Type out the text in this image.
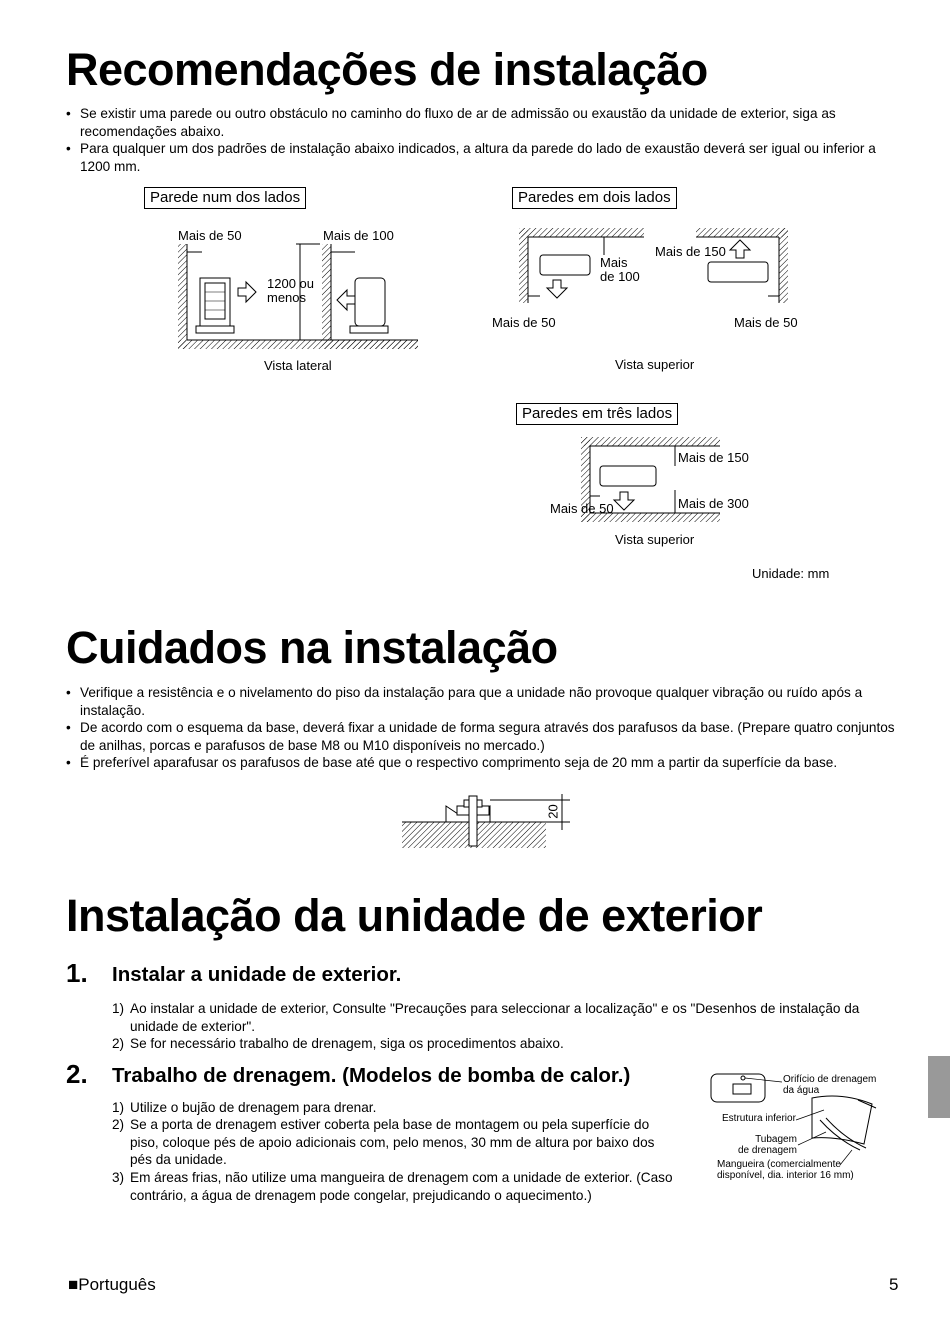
Recomendações de instalação
• Se existir uma parede ou outro obstáculo no caminho do fluxo de ar de admissão ou exaustão da unidade de exterior, siga as recomendações abaixo.
• Para qualquer um dos padrões de instalação abaixo indicados, a altura da parede do lado de exaustão deverá ser igual ou inferior a 1200 mm.
Parede num dos lados
Mais de 50	Mais de 100
1200 ou
menos
Vista lateral
Paredes em dois lados
Mais
de 100
Mais de 150
Mais de 50	Mais de 50
Vista superior
Paredes em três lados
Mais de 150
Mais de 300
Mais de 50
Vista superior
Unidade: mm
Cuidados na instalação
• Verifique a resistência e o nivelamento do piso da instalação para que a unidade não provoque qualquer vibração ou ruído após a instalação.
• De acordo com o esquema da base, deverá fixar a unidade de forma segura através dos parafusos da base. (Prepare quatro conjuntos de anilhas, porcas e parafusos de base M8 ou M10 disponíveis no mercado.)
• É preferível aparafusar os parafusos de base até que o respectivo comprimento seja de 20 mm a partir da superfície da base.
20
Instalação da unidade de exterior
1. Instalar a unidade de exterior.
1) Ao instalar a unidade de exterior, Consulte "Precauções para seleccionar a localização" e os "Desenhos de instalação da unidade de exterior".
2) Se for necessário trabalho de drenagem, siga os procedimentos abaixo.
2. Trabalho de drenagem. (Modelos de bomba de calor.)
1) Utilize o bujão de drenagem para drenar.
2) Se a porta de drenagem estiver coberta pela base de montagem ou pela superfície do piso, coloque pés de apoio adicionais com, pelo menos, 30 mm de altura por baixo dos pés da unidade.
3) Em áreas frias, não utilize uma mangueira de drenagem com a unidade de exterior. (Caso contrário, a água de drenagem pode congelar, prejudicando o aquecimento.)
Orifício de drenagem
da água
Estrutura inferior
Tubagem
de drenagem
Mangueira (comercialmente
disponível, dia. interior 16 mm)
■Português	5
